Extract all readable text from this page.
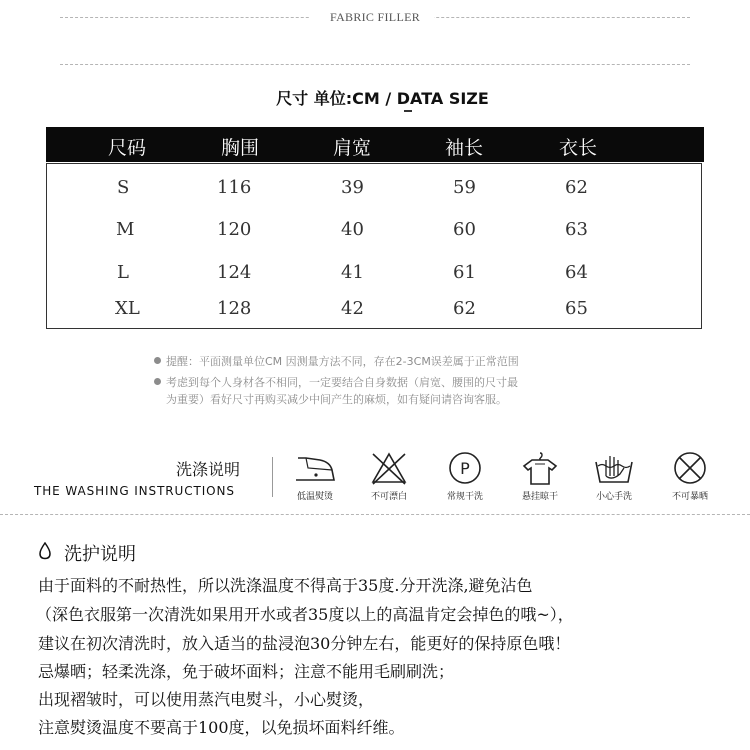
FABRIC FILLER
尺寸 单位:CM / DATA SIZE
尺码	胸围	肩宽	袖长	衣长
S	116	39	59	62
M	120	40	60	63
L	124	41	61	64
XL	128	42	62	65
提醒：平面测量单位CM 因测量方法不同，存在2-3CM误差属于正常范围
考虑到每个人身材各不相同，一定要结合自身数据（肩宽、腰围的尺寸最
为重要）看好尺寸再购买减少中间产生的麻烦，如有疑问请咨询客服。
洗涤说明
THE WASHING INSTRUCTIONS	低温熨烫	不可漂白
P
常规干洗	悬挂晾干	小心手洗	不可暴晒
洗护说明
由于面料的不耐热性，所以洗涤温度不得高于35度.分开洗涤,避免沾色
（深色衣服第一次清洗如果用开水或者35度以上的高温肯定会掉色的哦~），
建议在初次清洗时，放入适当的盐浸泡30分钟左右，能更好的保持原色哦！
忌爆晒；轻柔洗涤，免于破坏面料；注意不能用毛刷刷洗；
出现褶皱时，可以使用蒸汽电熨斗，小心熨烫，
注意熨烫温度不要高于100度，以免损坏面料纤维。
